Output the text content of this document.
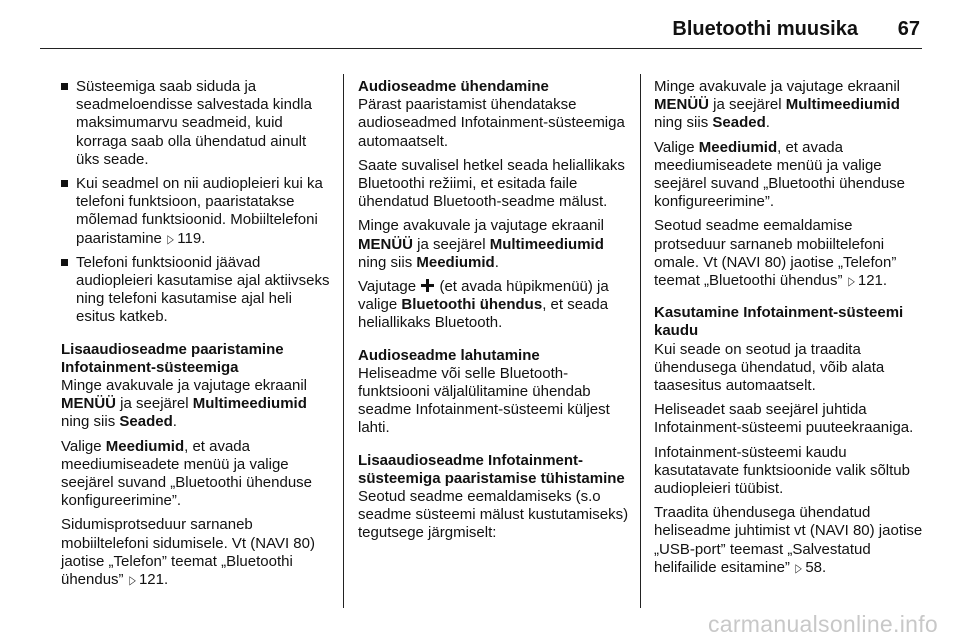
Bluetoothi muusika 67
Süsteemiga saab siduda ja seadmeloendisse salvestada kindla maksimumarvu seadmeid, kuid korraga saab olla ühendatud ainult üks seade.
Kui seadmel on nii audiopleieri kui ka telefoni funktsioon, paaristatakse mõlemad funktsioonid. Mobiiltelefoni paaristamine ▷ 119.
Telefoni funktsioonid jäävad audiopleieri kasutamise ajal aktiivseks ning telefoni kasutamise ajal heli esitus katkeb.
Lisaaudioseadme paaristamine Infotainment-süsteemiga

Minge avakuvale ja vajutage ekraanil MENÜÜ ja seejärel Multimeediumid ning siis Seaded.

Valige Meediumid, et avada meediumiseadete menüü ja valige seejärel suvand „Bluetoothi ühenduse konfigureerimine”.

Sidumisprotseduur sarnaneb mobiiltelefoni sidumisele. Vt (NAVI 80) jaotise „Telefon” teemat „Bluetoothi ühendus” ▷ 121.

Audioseadme ühendamine

Pärast paaristamist ühendatakse audioseadmed Infotainment-süsteemiga automaatselt.

Saate suvalisel hetkel seada heliallikaks Bluetoothi režiimi, et esitada faile ühendatud Bluetooth-seadme mälust.

Minge avakuvale ja vajutage ekraanil MENÜÜ ja seejärel Multimeediumid ning siis Meediumid.

Vajutage (et avada hüpikmenüü) ja valige Bluetoothi ühendus, et seada heliallikaks Bluetooth.

Audioseadme lahutamine

Heliseadme või selle Bluetooth-funktsiooni väljalülitamine ühendab seadme Infotainment-süsteemi küljest lahti.

Lisaaudioseadme Infotainment-süsteemiga paaristamise tühistamine

Seotud seadme eemaldamiseks (s.o seadme süsteemi mälust kustutamiseks) tegutsege järgmiselt:

Minge avakuvale ja vajutage ekraanil MENÜÜ ja seejärel Multimeediumid ning siis Seaded.

Valige Meediumid, et avada meediumiseadete menüü ja valige seejärel suvand „Bluetoothi ühenduse konfigureerimine”.

Seotud seadme eemaldamise protseduur sarnaneb mobiiltelefoni omale. Vt (NAVI 80) jaotise „Telefon” teemat „Bluetoothi ühendus” ▷ 121.

Kasutamine Infotainment-süsteemi kaudu

Kui seade on seotud ja traadita ühendusega ühendatud, võib alata taasesitus automaatselt.

Heliseadet saab seejärel juhtida Infotainment-süsteemi puuteekraaniga.

Infotainment-süsteemi kaudu kasutatavate funktsioonide valik sõltub audiopleieri tüübist.

Traadita ühendusega ühendatud heliseadme juhtimist vt (NAVI 80) jaotise „USB-port” teemast „Salvestatud helifailide esitamine” ▷ 58.

carmanualsonline.info
